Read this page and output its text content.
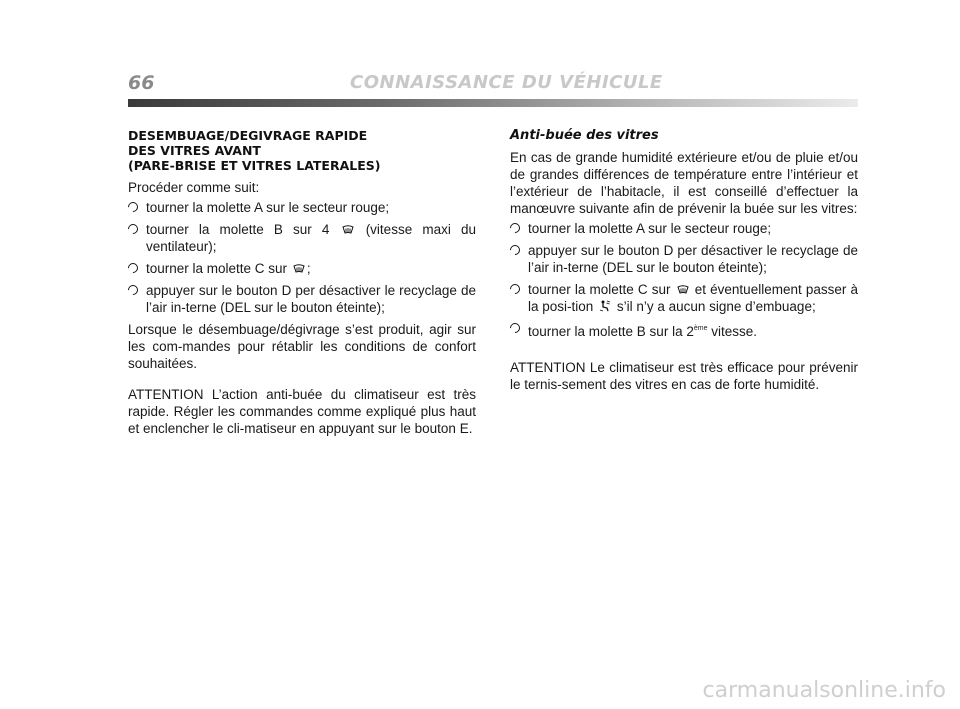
66	CONNAISSANCE DU VÉHICULE
DESEMBUAGE/DEGIVRAGE RAPIDE
DES VITRES AVANT
(PARE-BRISE ET VITRES LATERALES)

Procéder comme suit:

tourner la molette A sur le secteur rouge;
tourner la molette B sur 4	(vitesse maxi du ventilateur);
tourner la molette C sur ;
appuyer sur le bouton D per désactiver le recyclage de l’air in-terne (DEL sur le bouton éteinte);

Lorsque le désembuage/dégivrage s’est produit, agir sur les com-mandes pour rétablir les conditions de confort souhaitées.

ATTENTION L’action anti-buée du climatiseur est très rapide. Régler les commandes comme expliqué plus haut et enclencher le cli-matiseur en appuyant sur le bouton E.

Anti-buée des vitres

En cas de grande humidité extérieure et/ou de pluie et/ou de grandes différences de température entre l’intérieur et l’extérieur de l’habitacle, il est conseillé d’effectuer la manœuvre suivante afin de prévenir la buée sur les vitres:

tourner la molette A sur le secteur rouge;
appuyer sur le bouton D per désactiver le recyclage de l’air in-terne (DEL sur le bouton éteinte);
tourner la molette C sur et éventuellement passer à la posi-tion s’il n’y a aucun signe d’embuage;
tourner la molette B sur la 2ème vitesse.

ATTENTION Le climatiseur est très efficace pour prévenir le ternis-sement des vitres en cas de forte humidité.

carmanualsonline.info
